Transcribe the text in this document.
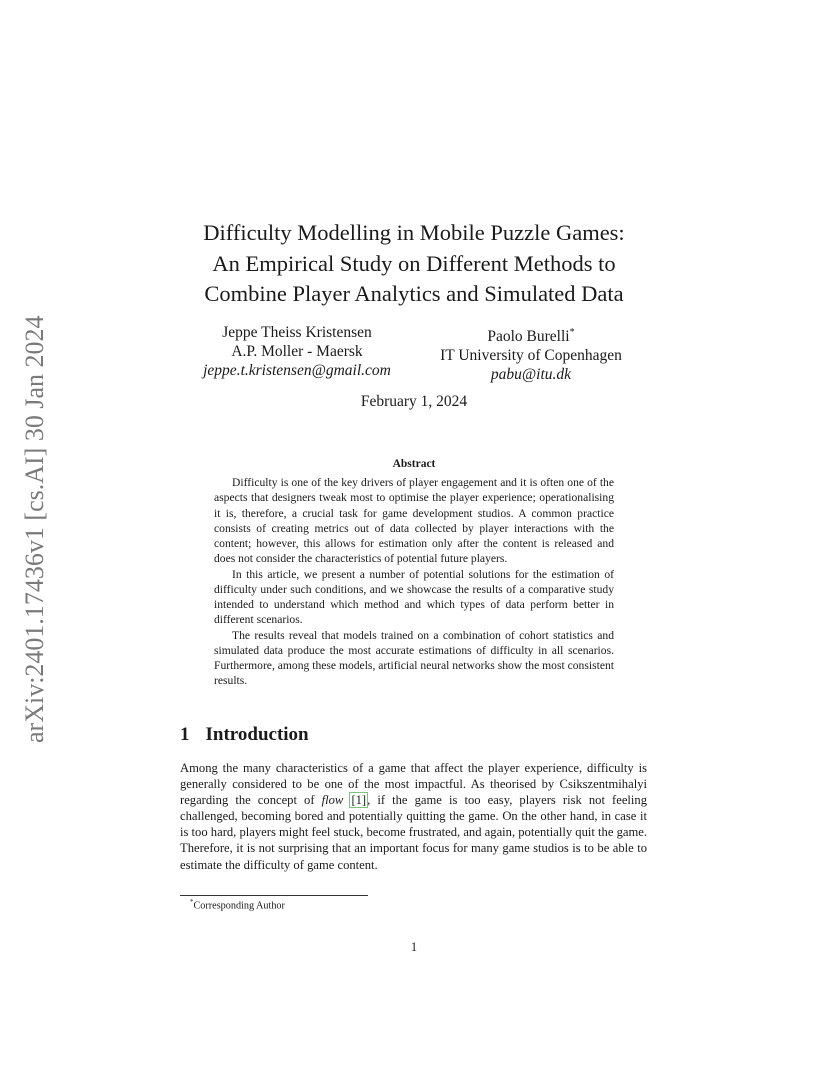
arXiv:2401.17436v1 [cs.AI] 30 Jan 2024
Difficulty Modelling in Mobile Puzzle Games:
An Empirical Study on Different Methods to
Combine Player Analytics and Simulated Data
Jeppe Theiss Kristensen
A.P. Moller - Maersk
jeppe.t.kristensen@gmail.com
Paolo Burelli*
IT University of Copenhagen
pabu@itu.dk
February 1, 2024
Abstract

Difficulty is one of the key drivers of player engagement and it is often one of the aspects that designers tweak most to optimise the player experience; operationalising it is, therefore, a crucial task for game development studios. A common practice consists of creating metrics out of data collected by player interactions with the content; however, this allows for estimation only after the content is released and does not consider the characteristics of potential future players.

In this article, we present a number of potential solutions for the estimation of difficulty under such conditions, and we showcase the results of a comparative study intended to understand which method and which types of data perform better in different scenarios.

The results reveal that models trained on a combination of cohort statistics and simulated data produce the most accurate estimations of difficulty in all scenarios. Furthermore, among these models, artificial neural networks show the most consistent results.

1 Introduction

Among the many characteristics of a game that affect the player experience, difficulty is generally considered to be one of the most impactful. As theorised by Csikszentmihalyi regarding the concept of flow [1], if the game is too easy, players risk not feeling challenged, becoming bored and potentially quitting the game. On the other hand, in case it is too hard, players might feel stuck, become frustrated, and again, potentially quit the game. Therefore, it is not surprising that an important focus for many game studios is to be able to estimate the difficulty of game content.

*Corresponding Author
1
